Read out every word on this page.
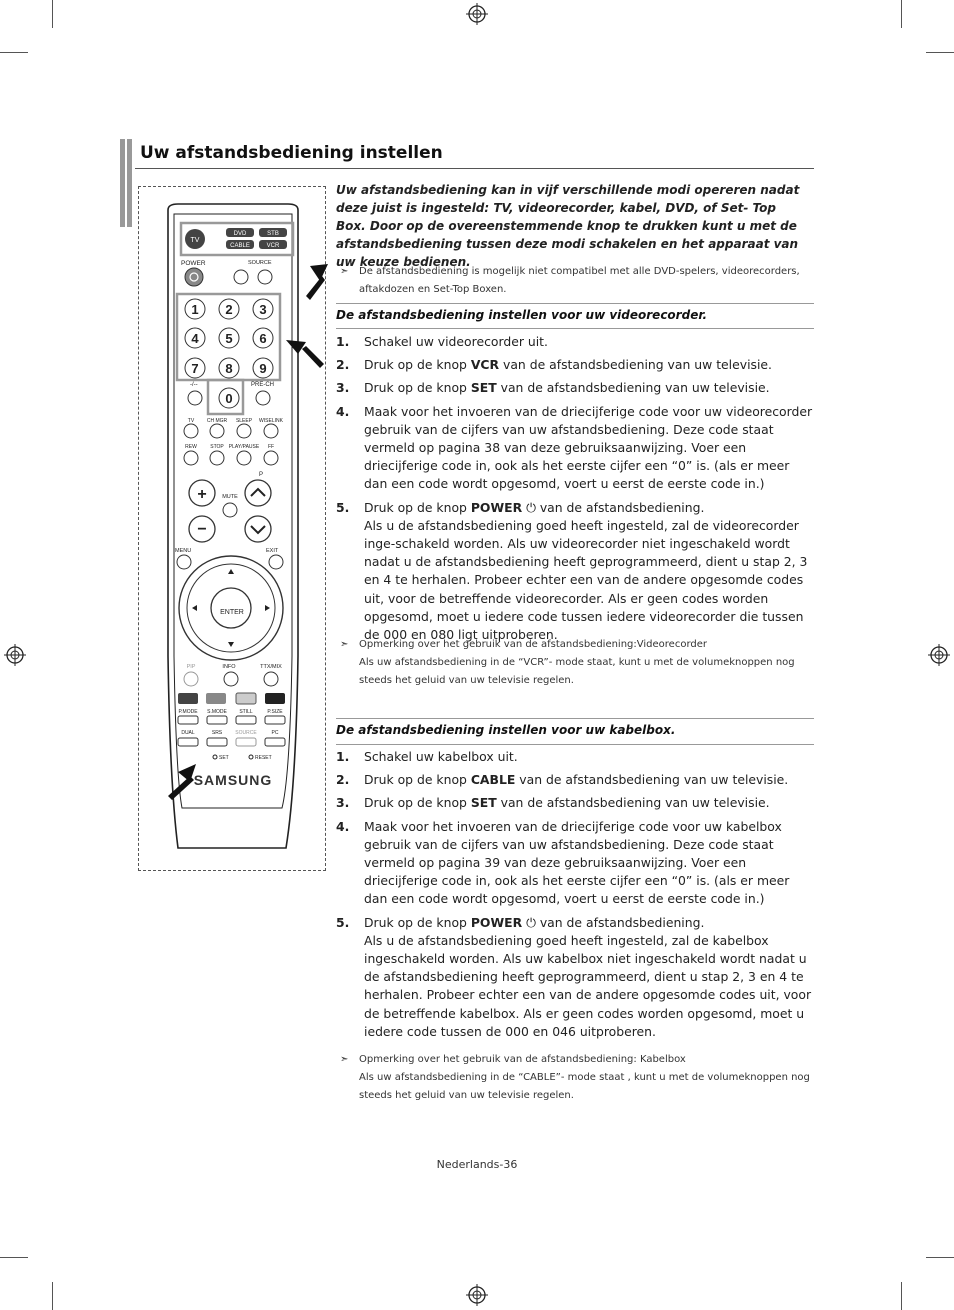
Uw afstandsbediening instellen
TV
DVD	STB
CABLE	VCR
POWER	SOURCE
1 2 3
4 5 6
7 8 9
0
-/--	PRE-CH
TV	CH MGR SLEEP WISELINK
REW	STOP PLAY/PAUSE FF
P
+
−
MUTE
MENU	EXIT
ENTER
PIP	INFO	TTX/MIX
P.MODE S.MODE STILL	P.SIZE
DUAL	SRS	SOURCE	PC
SET	RESET
SAMSUNG
Uw afstandsbediening kan in vijf verschillende modi opereren nadat deze juist is ingesteld: TV, videorecorder, kabel, DVD, of Set- Top Box. Door op de overeenstemmende knop te drukken kunt u met de afstandsbediening tussen deze modi schakelen en het apparaat van uw keuze bedienen.
➣	De afstandsbediening is mogelijk niet compatibel met alle DVD-spelers, videorecorders, aftakdozen en Set-Top Boxen.
De afstandsbediening instellen voor uw videorecorder.
1.	Schakel uw videorecorder uit.
2.	Druk op de knop VCR van de afstandsbediening van uw televisie.
3.	Druk op de knop SET van de afstandsbediening van uw televisie.
4.	Maak voor het invoeren van de driecijferige code voor uw videorecorder gebruik van de cijfers van uw afstandsbediening. Deze code staat vermeld op pagina 38 van deze gebruiksaanwijzing. Voer een driecijferige code in, ook als het eerste cijfer een “0” is. (als er meer dan een code wordt opgesomd, voert u eerst de eerste code in.)
5.	Druk op de knop POWER ⏻ van de afstandsbediening.
Als u de afstandsbediening goed heeft ingesteld, zal de videorecorder inge-schakeld worden. Als uw videorecorder niet ingeschakeld wordt nadat u de afstandsbediening heeft geprogrammeerd, dient u stap 2, 3 en 4 te herhalen. Probeer echter een van de andere opgesomde codes uit, voor de betreffende videorecorder. Als er geen codes worden opgesomd, moet u iedere code tussen iedere videorecorder die tussen de 000 en 080 ligt uitproberen.
➣	Opmerking over het gebruik van de afstandsbediening:Videorecorder
Als uw afstandsbediening in de “VCR”- mode staat, kunt u met de volumeknoppen nog steeds het geluid van uw televisie regelen.
De afstandsbediening instellen voor uw kabelbox.
1.	Schakel uw kabelbox uit.
2.	Druk op de knop CABLE van de afstandsbediening van uw televisie.
3.	Druk op de knop SET van de afstandsbediening van uw televisie.
4.	Maak voor het invoeren van de driecijferige code voor uw kabelbox gebruik van de cijfers van uw afstandsbediening. Deze code staat vermeld op pagina 39 van deze gebruiksaanwijzing. Voer een driecijferige code in, ook als het eerste cijfer een “0” is. (als er meer dan een code wordt opgesomd, voert u eerst de eerste code in.)
5.	Druk op de knop POWER ⏻ van de afstandsbediening.
Als u de afstandsbediening goed heeft ingesteld, zal de kabelbox ingeschakeld worden. Als uw kabelbox niet ingeschakeld wordt nadat u de afstandsbediening heeft geprogrammeerd, dient u stap 2, 3 en 4 te herhalen. Probeer echter een van de andere opgesomde codes uit, voor de betreffende kabelbox. Als er geen codes worden opgesomd, moet u iedere code tussen de 000 en 046 uitproberen.
➣	Opmerking over het gebruik van de afstandsbediening: Kabelbox
Als uw afstandsbediening in de “CABLE”- mode staat , kunt u met de volumeknoppen nog steeds het geluid van uw televisie regelen.
Nederlands-36
